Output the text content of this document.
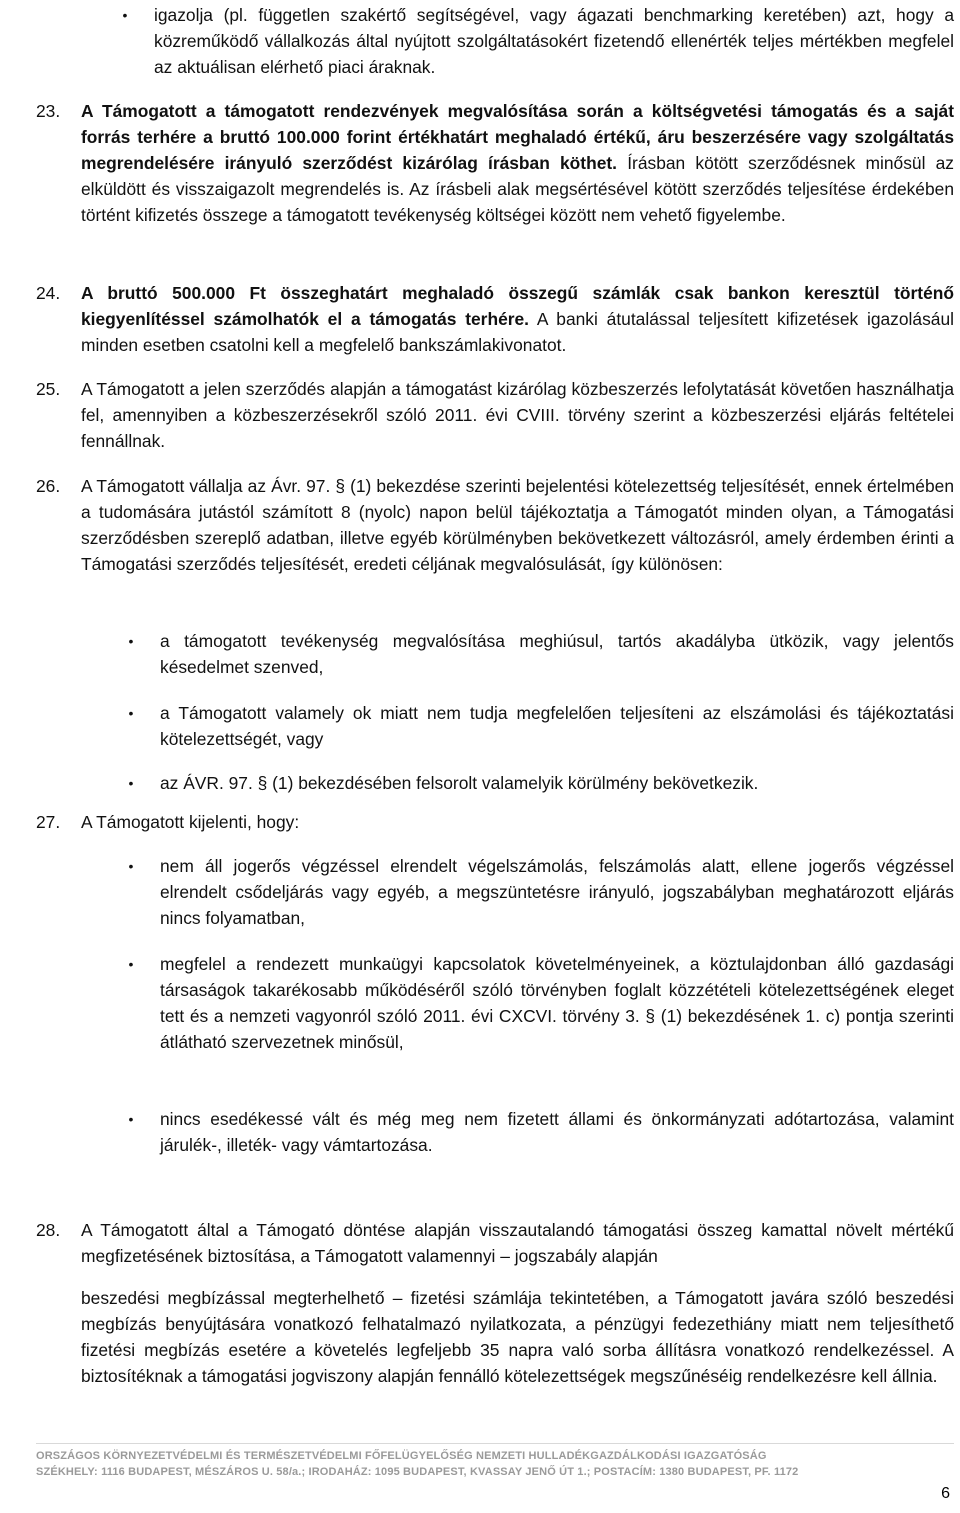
•	igazolja (pl. független szakértő segítségével, vagy ágazati benchmarking keretében) azt, hogy a közreműködő vállalkozás által nyújtott szolgáltatásokért fizetendő ellenérték teljes mértékben megfelel az aktuálisan elérhető piaci áraknak.
23.	A Támogatott a támogatott rendezvények megvalósítása során a költségvetési támogatás és a saját forrás terhére a bruttó 100.000 forint értékhatárt meghaladó értékű, áru beszerzésére vagy szolgáltatás megrendelésére irányuló szerződést kizárólag írásban köthet. Írásban kötött szerződésnek minősül az elküldött és visszaigazolt megrendelés is. Az írásbeli alak megsértésével kötött szerződés teljesítése érdekében történt kifizetés összege a támogatott tevékenység költségei között nem vehető figyelembe.
24.	A bruttó 500.000 Ft összeghatárt meghaladó összegű számlák csak bankon keresztül történő kiegyenlítéssel számolhatók el a támogatás terhére. A banki átutalással teljesített kifizetések igazolásául minden esetben csatolni kell a megfelelő bankszámlakivonatot.
25.	A Támogatott a jelen szerződés alapján a támogatást kizárólag közbeszerzés lefolytatását követően használhatja fel, amennyiben a közbeszerzésekről szóló 2011. évi CVIII. törvény szerint a közbeszerzési eljárás feltételei fennállnak.
26.	A Támogatott vállalja az Ávr. 97. § (1) bekezdése szerinti bejelentési kötelezettség teljesítését, ennek értelmében a tudomására jutástól számított 8 (nyolc) napon belül tájékoztatja a Támogatót minden olyan, a Támogatási szerződésben szereplő adatban, illetve egyéb körülményben bekövetkezett változásról, amely érdemben érinti a Támogatási szerződés teljesítését, eredeti céljának megvalósulását, így különösen:
•	a támogatott tevékenység megvalósítása meghiúsul, tartós akadályba ütközik, vagy jelentős késedelmet szenved,
•	a Támogatott valamely ok miatt nem tudja megfelelően teljesíteni az elszámolási és tájékoztatási kötelezettségét, vagy
•	az ÁVR. 97. § (1) bekezdésében felsorolt valamelyik körülmény bekövetkezik.
27.	A Támogatott kijelenti, hogy:
•	nem áll jogerős végzéssel elrendelt végelszámolás, felszámolás alatt, ellene jogerős végzéssel elrendelt csődeljárás vagy egyéb, a megszüntetésre irányuló, jogszabályban meghatározott eljárás nincs folyamatban,
•	megfelel a rendezett munkaügyi kapcsolatok követelményeinek, a köztulajdonban álló gazdasági társaságok takarékosabb működéséről szóló törvényben foglalt közzétételi kötelezettségének eleget tett és a nemzeti vagyonról szóló 2011. évi CXCVI. törvény 3. § (1) bekezdésének 1. c) pontja szerinti átlátható szervezetnek minősül,
•	nincs esedékessé vált és még meg nem fizetett állami és önkormányzati adótartozása, valamint járulék-, illeték- vagy vámtartozása.
28.	A Támogatott által a Támogató döntése alapján visszautalandó támogatási összeg kamattal növelt mértékű megfizetésének biztosítása, a Támogatott valamennyi – jogszabály alapján
beszedési megbízással megterhelhető – fizetési számlája tekintetében, a Támogatott javára szóló beszedési megbízás benyújtására vonatkozó felhatalmazó nyilatkozata, a pénzügyi fedezethiány miatt nem teljesíthető fizetési megbízás esetére a követelés legfeljebb 35 napra való sorba állításra vonatkozó rendelkezéssel. A biztosítéknak a támogatási jogviszony alapján fennálló kötelezettségek megszűnéséig rendelkezésre kell állnia.
ORSZÁGOS KÖRNYEZETVÉDELMI ÉS TERMÉSZETVÉDELMI FŐFELÜGYELŐSÉG NEMZETI HULLADÉKGAZDÁLKODÁSI IGAZGATÓSÁG
SZÉKHELY: 1116 BUDAPEST, MÉSZÁROS U. 58/a.; IRODAHÁZ: 1095 BUDAPEST, KVASSAY JENŐ ÚT 1.; POSTACÍM: 1380 BUDAPEST, PF. 1172
6
